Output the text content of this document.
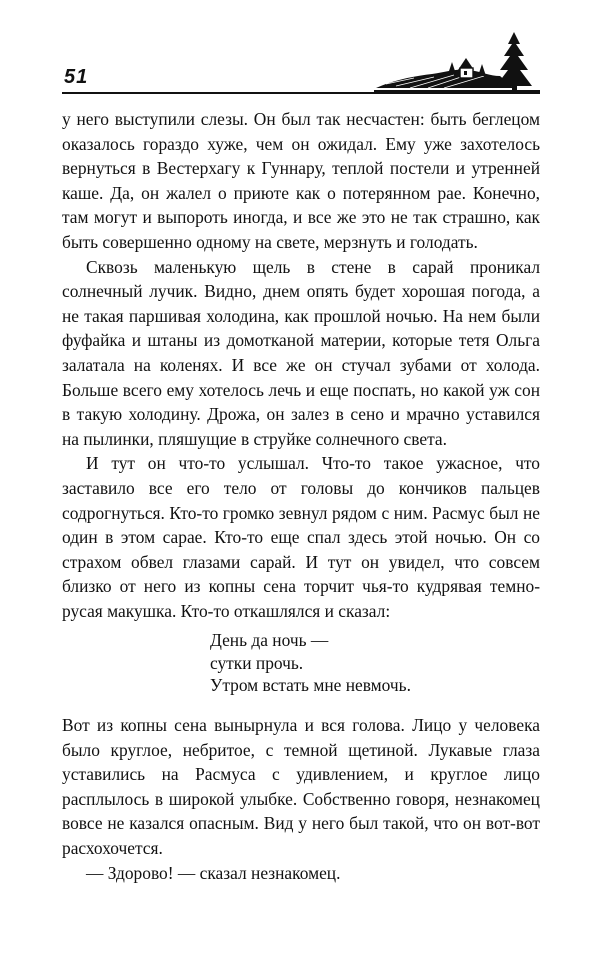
51

у него выступили слезы. Он был так несчастен: быть беглецом оказалось гораздо хуже, чем он ожидал. Ему уже захотелось вернуться в Вестерхагу к Гуннару, теплой постели и утренней каше. Да, он жалел о приюте как о потерянном рае. Конечно, там могут и выпороть иногда, и все же это не так страшно, как быть совершенно одному на свете, мерзнуть и голодать.

Сквозь маленькую щель в стене в сарай проникал солнечный лучик. Видно, днем опять будет хорошая погода, а не такая паршивая холодина, как прошлой ночью. На нем были фуфайка и штаны из домотканой материи, которые тетя Ольга залатала на коленях. И все же он стучал зубами от холода. Больше всего ему хотелось лечь и еще поспать, но какой уж сон в такую холодину. Дрожа, он залез в сено и мрачно уставился на пылинки, пляшущие в струйке солнечного света.

И тут он что-то услышал. Что-то такое ужасное, что заставило все его тело от головы до кончиков пальцев содрогнуться. Кто-то громко зевнул рядом с ним. Расмус был не один в этом сарае. Кто-то еще спал здесь этой ночью. Он со страхом обвел глазами сарай. И тут он увидел, что совсем близко от него из копны сена торчит чья-то кудрявая темно-русая макушка. Кто-то откашлялся и сказал:

День да ночь —
сутки прочь.
Утром встать мне невмочь.

Вот из копны сена вынырнула и вся голова. Лицо у человека было круглое, небритое, с темной щетиной. Лукавые глаза уставились на Расмуса с удивлением, и круглое лицо расплылось в широкой улыбке. Собственно говоря, незнакомец вовсе не казался опасным. Вид у него был такой, что он вот-вот расхохочется.

— Здорово! — сказал незнакомец.
